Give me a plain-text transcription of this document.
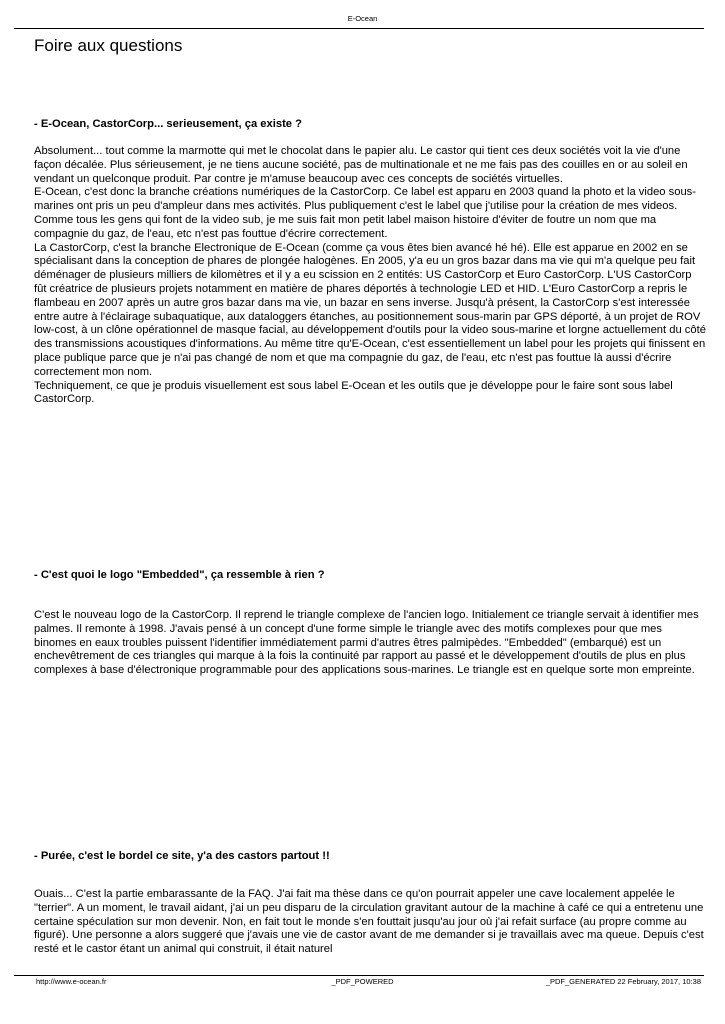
E-Ocean
Foire aux questions
- E-Ocean, CastorCorp... serieusement, ça existe ?

Absolument... tout comme la marmotte qui met le chocolat dans le papier alu. Le castor qui tient ces deux sociétés voit la vie d'une façon décalée. Plus sérieusement, je ne tiens aucune société, pas de multinationale et ne me fais pas des couilles en or au soleil en vendant un quelconque produit. Par contre je m'amuse beaucoup avec ces concepts de sociétés virtuelles.

E-Ocean, c'est donc la branche créations numériques de la CastorCorp. Ce label est apparu en 2003 quand la photo et la video sous-marines ont pris un peu d'ampleur dans mes activités. Plus publiquement c'est le label que j'utilise pour la création de mes videos. Comme tous les gens qui font de la video sub, je me suis fait mon petit label maison histoire d'éviter de foutre un nom que ma compagnie du gaz, de l'eau, etc n'est pas fouttue d'écrire correctement.

La CastorCorp, c'est la branche Electronique de E-Ocean (comme ça vous êtes bien avancé hé hé). Elle est apparue en 2002 en se spécialisant dans la conception de phares de plongée halogènes. En 2005, y'a eu un gros bazar dans ma vie qui m'a quelque peu fait déménager de plusieurs milliers de kilomètres et il y a eu scission en 2 entités: US CastorCorp et Euro CastorCorp. L'US CastorCorp fût créatrice de plusieurs projets notamment en matière de phares déportés à technologie LED et HID. L'Euro CastorCorp a repris le flambeau en 2007 après un autre gros bazar dans ma vie, un bazar en sens inverse. Jusqu'à présent, la CastorCorp s'est interessée entre autre à l'éclairage subaquatique, aux dataloggers étanches, au positionnement sous-marin par GPS déporté, à un projet de ROV low-cost, à un clône opérationnel de masque facial, au développement d'outils pour la video sous-marine et lorgne actuellement du côté des transmissions acoustiques d'informations. Au même titre qu'E-Ocean, c'est essentiellement un label pour les projets qui finissent en place publique parce que je n'ai pas changé de nom et que ma compagnie du gaz, de l'eau, etc n'est pas fouttue là aussi d'écrire correctement mon nom.

Techniquement, ce que je produis visuellement est sous label E-Ocean et les outils que je développe pour le faire sont sous label CastorCorp.

- C'est quoi le logo "Embedded", ça ressemble à rien ?

C'est le nouveau logo de la CastorCorp. Il reprend le triangle complexe de l'ancien logo. Initialement ce triangle servait à identifier mes palmes. Il remonte à 1998. J'avais pensé à un concept d'une forme simple le triangle avec des motifs complexes pour que mes binomes en eaux troubles puissent l'identifier immédiatement parmi d'autres êtres palmipèdes. "Embedded" (embarqué) est un enchevêtrement de ces triangles qui marque à la fois la continuité par rapport au passé et le développement d'outils de plus en plus complexes à base d'électronique programmable pour des applications sous-marines. Le triangle est en quelque sorte mon empreinte.

- Purée, c'est le bordel ce site, y'a des castors partout !!

Ouais... C'est la partie embarassante de la FAQ. J'ai fait ma thèse dans ce qu'on pourrait appeler une cave localement appelée le "terrier". A un moment, le travail aidant, j'ai un peu disparu de la circulation gravitant autour de la machine à café ce qui a entretenu une certaine spéculation sur mon devenir. Non, en fait tout le monde s'en fouttait jusqu'au jour où j'ai refait surface (au propre comme au figuré). Une personne a alors suggeré que j'avais une vie de castor avant de me demander si je travaillais avec ma queue. Depuis c'est resté et le castor étant un animal qui construit, il était naturel

http://www.e-ocean.fr	_PDF_POWERED	_PDF_GENERATED 22 February, 2017, 10:38
